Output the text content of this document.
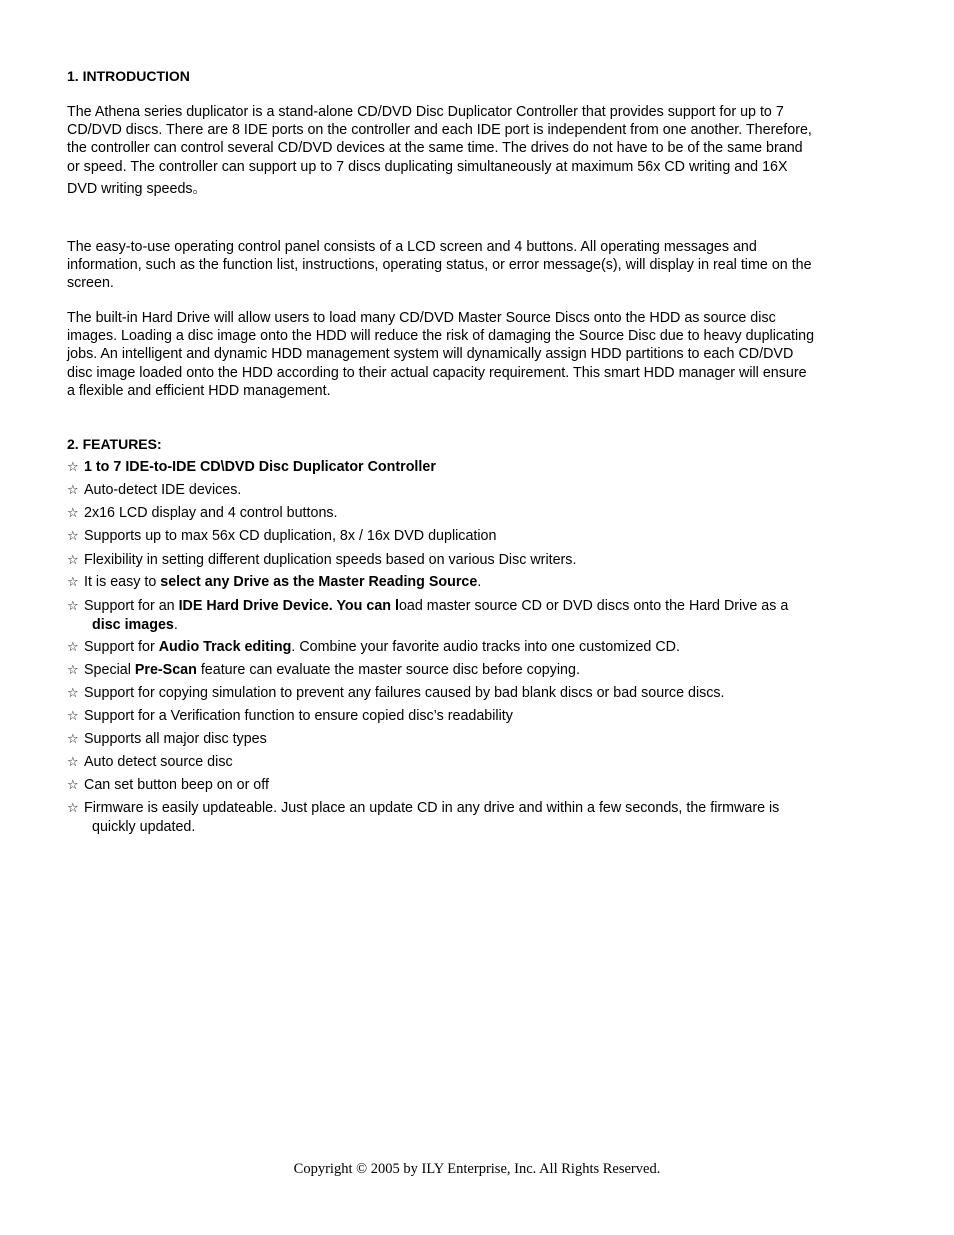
1. INTRODUCTION
The Athena series duplicator is a stand-alone CD/DVD Disc Duplicator Controller that provides support for up to 7
CD/DVD discs. There are 8 IDE ports on the controller and each IDE port is independent from one another. Therefore,
the controller can control several CD/DVD devices at the same time. The drives do not have to be of the same brand
or speed. The controller can support up to 7 discs duplicating simultaneously at maximum 56x CD writing and 16X
DVD writing speeds。
The easy-to-use operating control panel consists of a LCD screen and 4 buttons. All operating messages and
information, such as the function list, instructions, operating status, or error message(s), will display in real time on the
screen.
The built-in Hard Drive will allow users to load many CD/DVD Master Source Discs onto the HDD as source disc
images. Loading a disc image onto the HDD will reduce the risk of damaging the Source Disc due to heavy duplicating
jobs. An intelligent and dynamic HDD management system will dynamically assign HDD partitions to each CD/DVD
disc image loaded onto the HDD according to their actual capacity requirement. This smart HDD manager will ensure
a flexible and efficient HDD management.
2. FEATURES:
☆ 1 to 7 IDE-to-IDE CD\DVD Disc Duplicator Controller
☆ Auto-detect IDE devices.
☆ 2x16 LCD display and 4 control buttons.
☆ Supports up to max 56x CD duplication, 8x / 16x DVD duplication
☆ Flexibility in setting different duplication speeds based on various Disc writers.
☆ It is easy to select any Drive as the Master Reading Source.
☆ Support for an IDE Hard Drive Device. You can load master source CD or DVD discs onto the Hard Drive as a
disc images.
☆ Support for Audio Track editing. Combine your favorite audio tracks into one customized CD.
☆ Special Pre-Scan feature can evaluate the master source disc before copying.
☆ Support for copying simulation to prevent any failures caused by bad blank discs or bad source discs.
☆ Support for a Verification function to ensure copied disc’s readability
☆ Supports all major disc types
☆ Auto detect source disc
☆ Can set button beep on or off
☆ Firmware is easily updateable. Just place an update CD in any drive and within a few seconds, the firmware is
quickly updated.
Copyright © 2005 by ILY Enterprise, Inc. All Rights Reserved.
